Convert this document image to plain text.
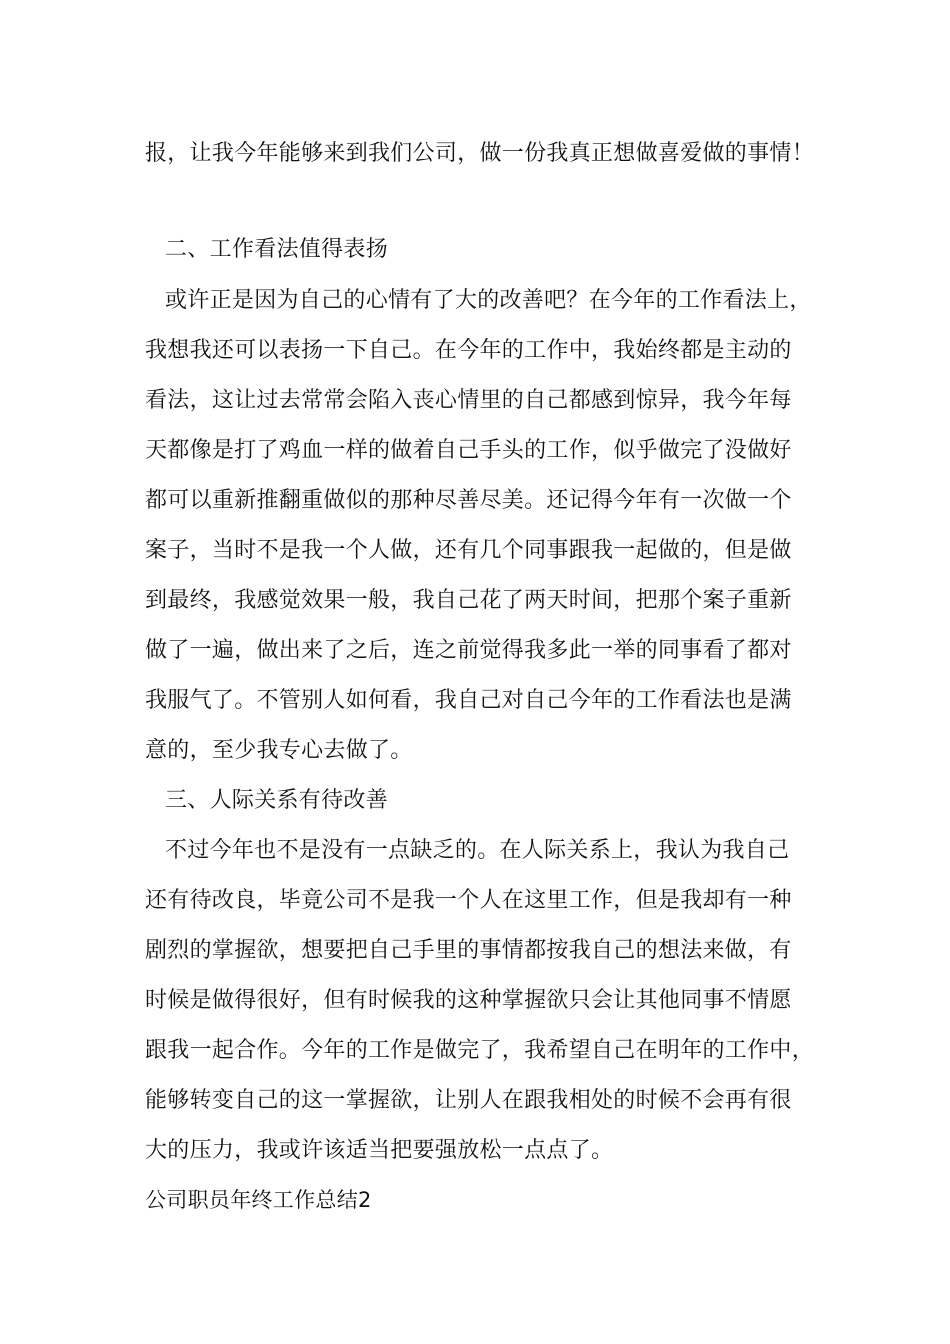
报，让我今年能够来到我们公司，做一份我真正想做喜爱做的事情！
二、工作看法值得表扬
或许正是因为自己的心情有了大的改善吧？在今年的工作看法上，
我想我还可以表扬一下自己。在今年的工作中，我始终都是主动的
看法，这让过去常常会陷入丧心情里的自己都感到惊异，我今年每
天都像是打了鸡血一样的做着自己手头的工作，似乎做完了没做好
都可以重新推翻重做似的那种尽善尽美。还记得今年有一次做一个
案子，当时不是我一个人做，还有几个同事跟我一起做的，但是做
到最终，我感觉效果一般，我自己花了两天时间，把那个案子重新
做了一遍，做出来了之后，连之前觉得我多此一举的同事看了都对
我服气了。不管别人如何看，我自己对自己今年的工作看法也是满
意的，至少我专心去做了。
三、人际关系有待改善
不过今年也不是没有一点缺乏的。在人际关系上，我认为我自己
还有待改良，毕竟公司不是我一个人在这里工作，但是我却有一种
剧烈的掌握欲，想要把自己手里的事情都按我自己的想法来做，有
时候是做得很好，但有时候我的这种掌握欲只会让其他同事不情愿
跟我一起合作。今年的工作是做完了，我希望自己在明年的工作中，
能够转变自己的这一掌握欲，让别人在跟我相处的时候不会再有很
大的压力，我或许该适当把要强放松一点点了。
公司职员年终工作总结2
